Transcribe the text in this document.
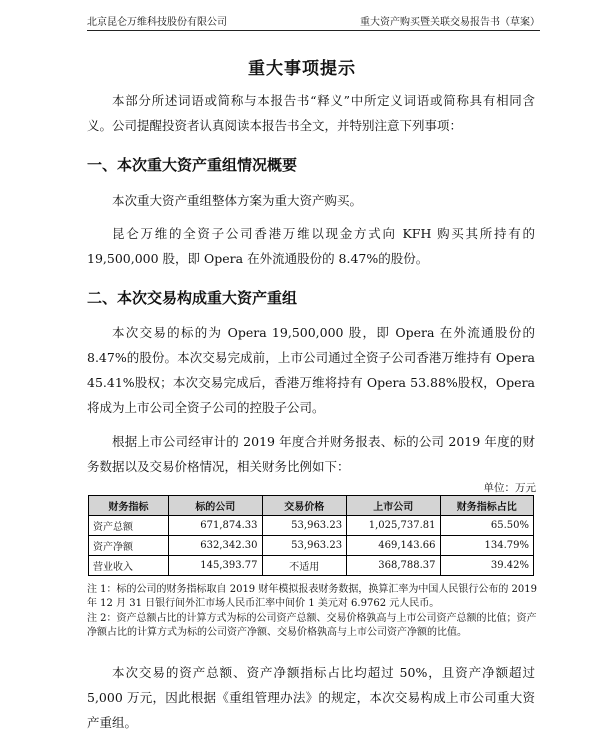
北京昆仑万维科技股份有限公司	重大资产购买暨关联交易报告书（草案）
重大事项提示

本部分所述词语或简称与本报告书“释义”中所定义词语或简称具有相同含义。公司提醒投资者认真阅读本报告书全文，并特别注意下列事项：

一、本次重大资产重组情况概要

本次重大资产重组整体方案为重大资产购买。

昆仑万维的全资子公司香港万维以现金方式向 KFH 购买其所持有的 19,500,000 股，即 Opera 在外流通股份的 8.47%的股份。

二、本次交易构成重大资产重组

本次交易的标的为 Opera 19,500,000 股，即 Opera 在外流通股份的 8.47%的股份。本次交易完成前，上市公司通过全资子公司香港万维持有 Opera 45.41%股权；本次交易完成后，香港万维将持有 Opera 53.88%股权，Opera 将成为上市公司全资子公司的控股子公司。

根据上市公司经审计的 2019 年度合并财务报表、标的公司 2019 年度的财务数据以及交易价格情况，相关财务比例如下：

单位：万元
财务指标	标的公司	交易价格	上市公司	财务指标占比
资产总额	671,874.33	53,963.23	1,025,737.81	65.50%
资产净额	632,342.30	53,963.23	469,143.66	134.79%
营业收入	145,393.77	不适用	368,788.37	39.42%

注 1：标的公司的财务指标取自 2019 财年模拟报表财务数据，换算汇率为中国人民银行公布的 2019 年 12 月 31 日银行间外汇市场人民币汇率中间价 1 美元对 6.9762 元人民币。

注 2：资产总额占比的计算方式为标的公司资产总额、交易价格孰高与上市公司资产总额的比值；资产净额占比的计算方式为标的公司资产净额、交易价格孰高与上市公司资产净额的比值。

本次交易的资产总额、资产净额指标占比均超过 50%，且资产净额超过 5,000 万元，因此根据《重组管理办法》的规定，本次交易构成上市公司重大资产重组。
